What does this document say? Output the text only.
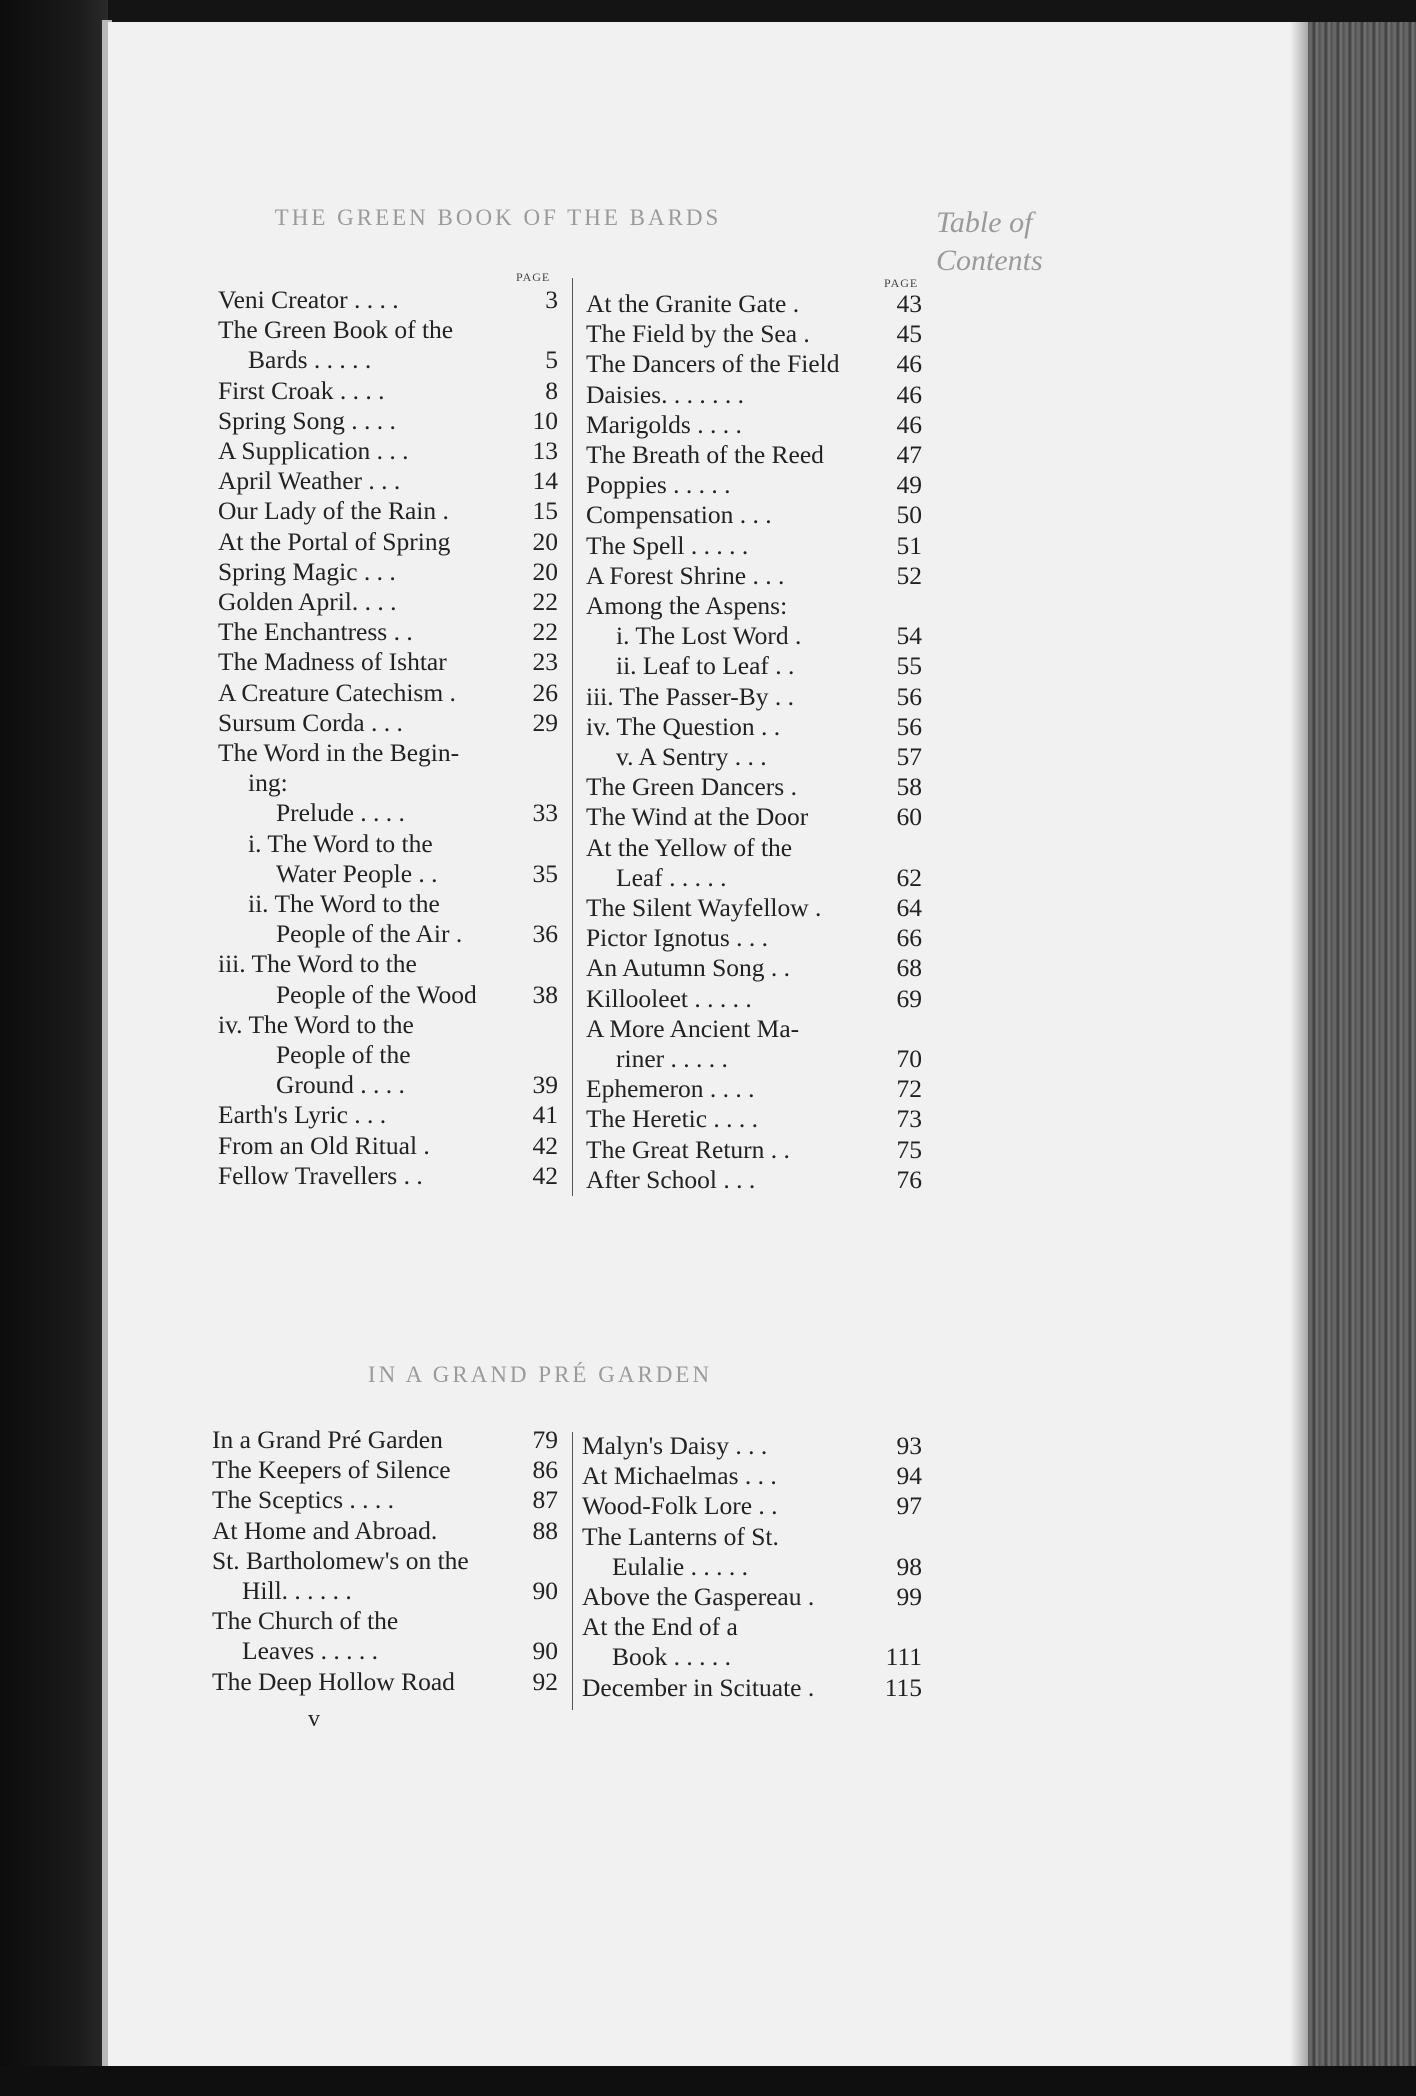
THE GREEN BOOK OF THE BARDS	Table of
Contents
PAGE	PAGE
Veni Creator . . . .	3
The Green Book of the
Bards . . . . .	5
First Croak . . . .	8
Spring Song . . . .	10
A Supplication . . .	13
April Weather . . .	14
Our Lady of the Rain .	15
At the Portal of Spring	20
Spring Magic . . .	20
Golden April. . . .	22
The Enchantress . .	22
The Madness of Ishtar	23
A Creature Catechism .	26
Sursum Corda . . .	29
The Word in the Begin-
ing:
Prelude . . . .	33
i. The Word to the
Water People . .	35
ii. The Word to the
People of the Air .	36
iii. The Word to the
People of the Wood	38
iv. The Word to the
People of the
Ground . . . .	39
Earth's Lyric . . .	41
From an Old Ritual .	42
Fellow Travellers . .	42
At the Granite Gate .	43
The Field by the Sea .	45
The Dancers of the Field	46
Daisies. . . . . . .	46
Marigolds . . . .	46
The Breath of the Reed	47
Poppies . . . . .	49
Compensation . . .	50
The Spell . . . . .	51
A Forest Shrine . . .	52
Among the Aspens:
i. The Lost Word .	54
ii. Leaf to Leaf . .	55
iii. The Passer-By . .	56
iv. The Question . .	56
v. A Sentry . . .	57
The Green Dancers .	58
The Wind at the Door	60
At the Yellow of the
Leaf . . . . .	62
The Silent Wayfellow .	64
Pictor Ignotus . . .	66
An Autumn Song . .	68
Killooleet . . . . .	69
A More Ancient Ma-
riner . . . . .	70
Ephemeron . . . .	72
The Heretic . . . .	73
The Great Return . .	75
After School . . .	76
IN A GRAND PRÉ GARDEN
In a Grand Pré Garden	79
The Keepers of Silence	86
The Sceptics . . . .	87
At Home and Abroad.	88
St. Bartholomew's on the
Hill. . . . . .	90
The Church of the
Leaves . . . . .	90
The Deep Hollow Road	92
Malyn's Daisy . . .	93
At Michaelmas . . .	94
Wood-Folk Lore . .	97
The Lanterns of St.
Eulalie . . . . .	98
Above the Gaspereau .	99
At the End of a
Book . . . . .	111
December in Scituate .	115
v
